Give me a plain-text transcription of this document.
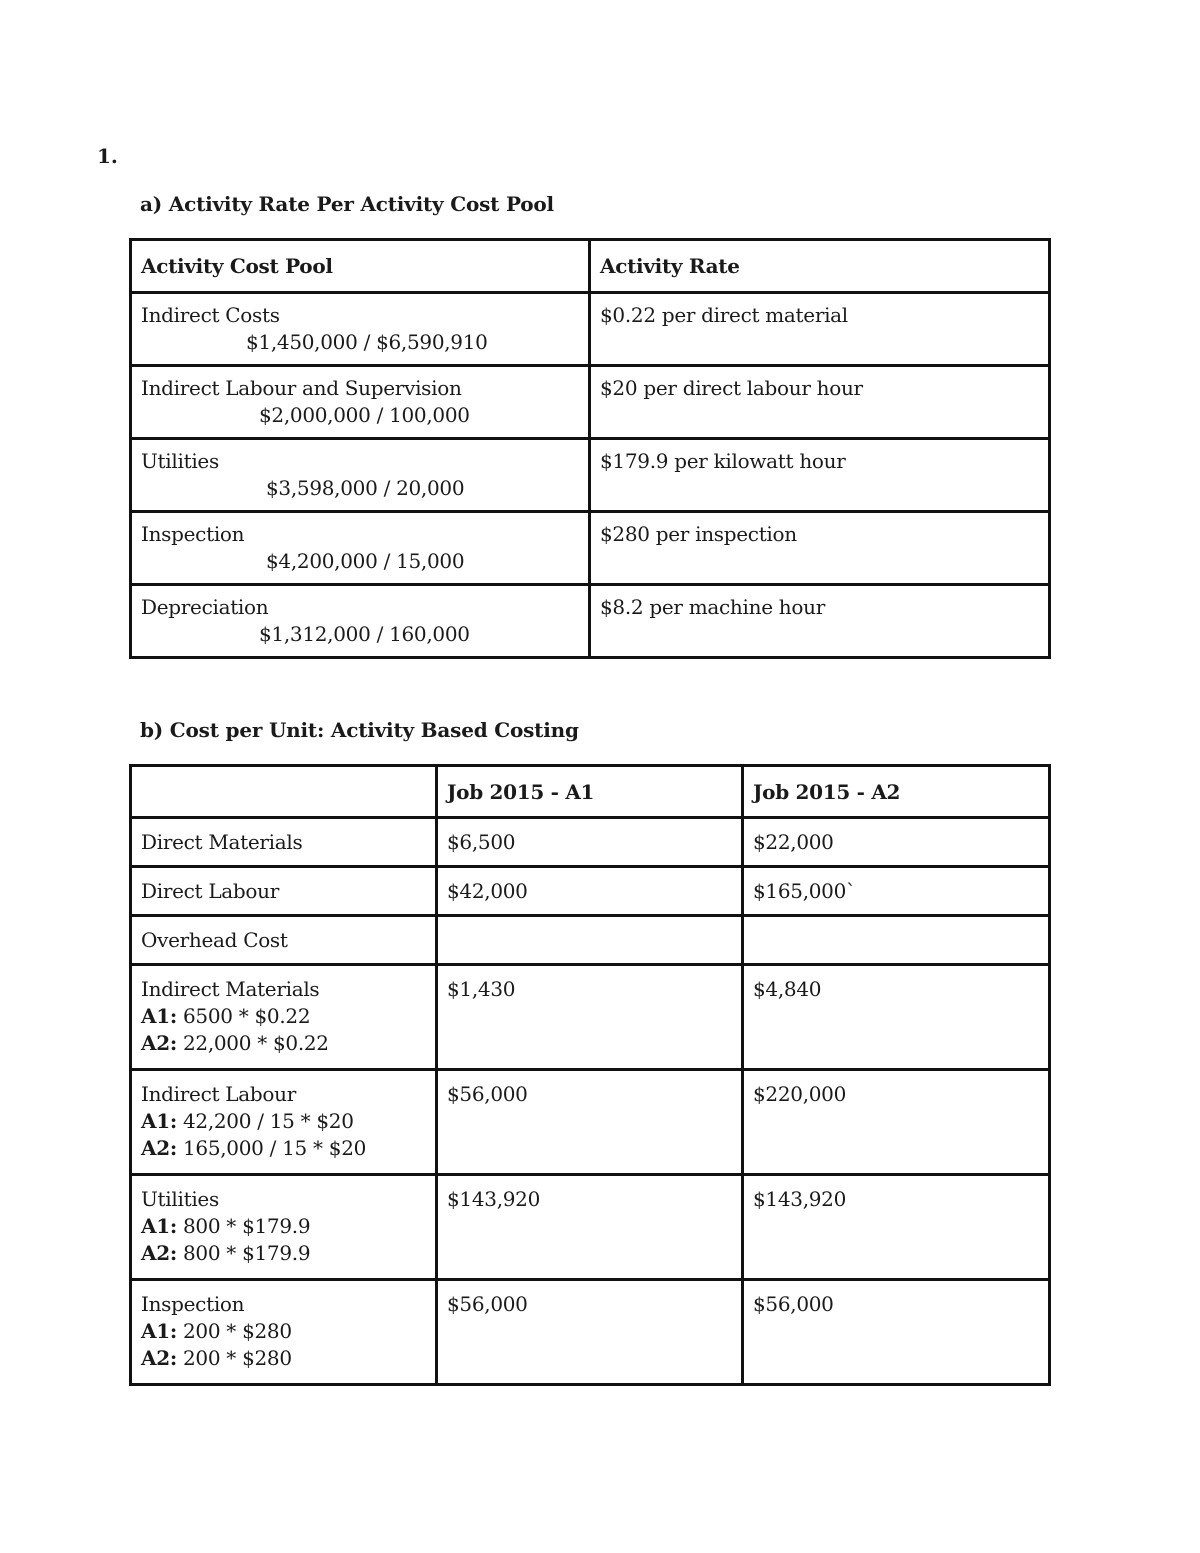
1.
a) Activity Rate Per Activity Cost Pool
Activity Cost Pool	Activity Rate

Indirect Costs
$1,450,000 / $6,590,910	$0.22 per direct material

Indirect Labour and Supervision
$2,000,000 / 100,000	$20 per direct labour hour

Utilities
$3,598,000 / 20,000	$179.9 per kilowatt hour

Inspection
$4,200,000 / 15,000	$280 per inspection

Depreciation
$1,312,000 / 160,000	$8.2 per machine hour
b) Cost per Unit: Activity Based Costing
	Job 2015 - A1	Job 2015 - A2
Direct Materials	$6,500	$22,000
Direct Labour	$42,000	$165,000`
Overhead Cost		

Indirect Materials
A1: 6500 * $0.22
A2: 22,000 * $0.22	$1,430	$4,840

Indirect Labour
A1: 42,200 / 15 * $20
A2: 165,000 / 15 * $20	$56,000	$220,000

Utilities
A1: 800 * $179.9
A2: 800 * $179.9	$143,920	$143,920

Inspection
A1: 200 * $280
A2: 200 * $280	$56,000	$56,000
